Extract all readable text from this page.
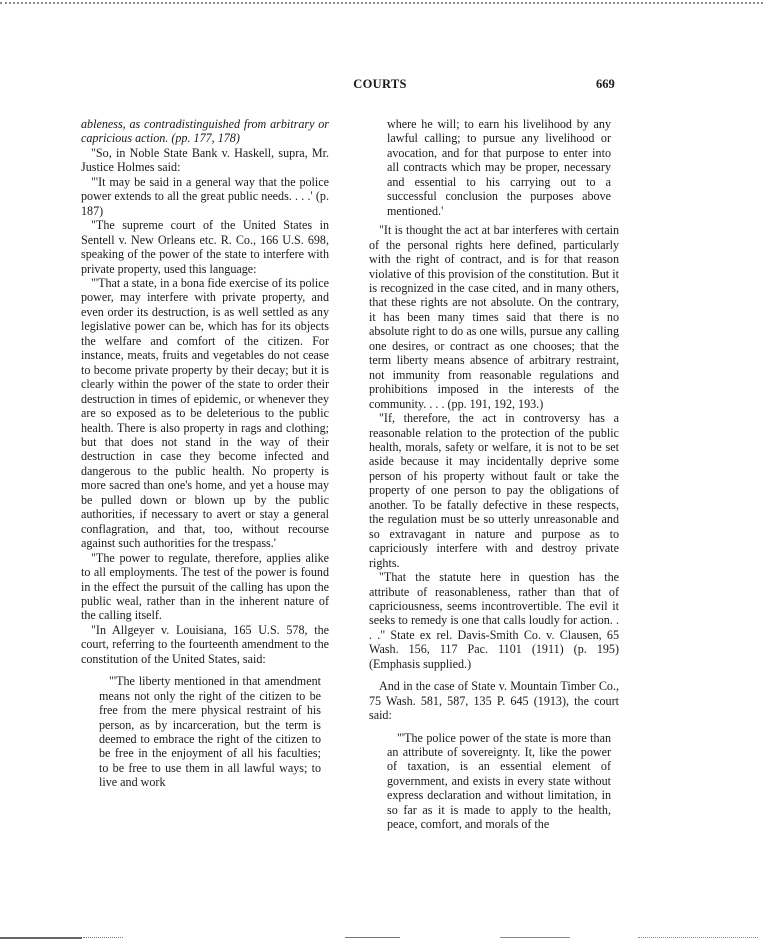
COURTS	669

ableness, as contradistinguished from arbitrary or capricious action. (pp. 177, 178)

"So, in Noble State Bank v. Haskell, supra, Mr. Justice Holmes said:

"'It may be said in a general way that the police power extends to all the great public needs. . . .' (p. 187)

"The supreme court of the United States in Sentell v. New Orleans etc. R. Co., 166 U.S. 698, speaking of the power of the state to interfere with private property, used this language:

"'That a state, in a bona fide exercise of its police power, may interfere with private property, and even order its destruction, is as well settled as any legislative power can be, which has for its objects the welfare and comfort of the citizen. For instance, meats, fruits and vegetables do not cease to become private property by their decay; but it is clearly within the power of the state to order their destruction in times of epidemic, or whenever they are so exposed as to be deleterious to the public health. There is also property in rags and clothing; but that does not stand in the way of their destruction in case they become infected and dangerous to the public health. No property is more sacred than one's home, and yet a house may be pulled down or blown up by the public authorities, if necessary to avert or stay a general conflagration, and that, too, without recourse against such authorities for the trespass.'

"The power to regulate, therefore, applies alike to all employments. The test of the power is found in the effect the pursuit of the calling has upon the public weal, rather than in the inherent nature of the calling itself.

"In Allgeyer v. Louisiana, 165 U.S. 578, the court, referring to the fourteenth amendment to the constitution of the United States, said:

"'The liberty mentioned in that amendment means not only the right of the citizen to be free from the mere physical restraint of his person, as by incarceration, but the term is deemed to embrace the right of the citizen to be free in the enjoyment of all his faculties; to be free to use them in all lawful ways; to live and work

where he will; to earn his livelihood by any lawful calling; to pursue any livelihood or avocation, and for that purpose to enter into all contracts which may be proper, necessary and essential to his carrying out to a successful conclusion the purposes above mentioned.'

"It is thought the act at bar interferes with certain of the personal rights here defined, particularly with the right of contract, and is for that reason violative of this provision of the constitution. But it is recognized in the case cited, and in many others, that these rights are not absolute. On the contrary, it has been many times said that there is no absolute right to do as one wills, pursue any calling one desires, or contract as one chooses; that the term liberty means absence of arbitrary restraint, not immunity from reasonable regulations and prohibitions imposed in the interests of the community. . . . (pp. 191, 192, 193.)

"If, therefore, the act in controversy has a reasonable relation to the protection of the public health, morals, safety or welfare, it is not to be set aside because it may incidentally deprive some person of his property without fault or take the property of one person to pay the obligations of another. To be fatally defective in these respects, the regulation must be so utterly unreasonable and so extravagant in nature and purpose as to capriciously interfere with and destroy private rights.

"That the statute here in question has the attribute of reasonableness, rather than that of capriciousness, seems incontrovertible. The evil it seeks to remedy is one that calls loudly for action. . . ." State ex rel. Davis-Smith Co. v. Clausen, 65 Wash. 156, 117 Pac. 1101 (1911) (p. 195) (Emphasis supplied.)

And in the case of State v. Mountain Timber Co., 75 Wash. 581, 587, 135 P. 645 (1913), the court said:

"'The police power of the state is more than an attribute of sovereignty. It, like the power of taxation, is an essential element of government, and exists in every state without express declaration and without limitation, in so far as it is made to apply to the health, peace, comfort, and morals of the
